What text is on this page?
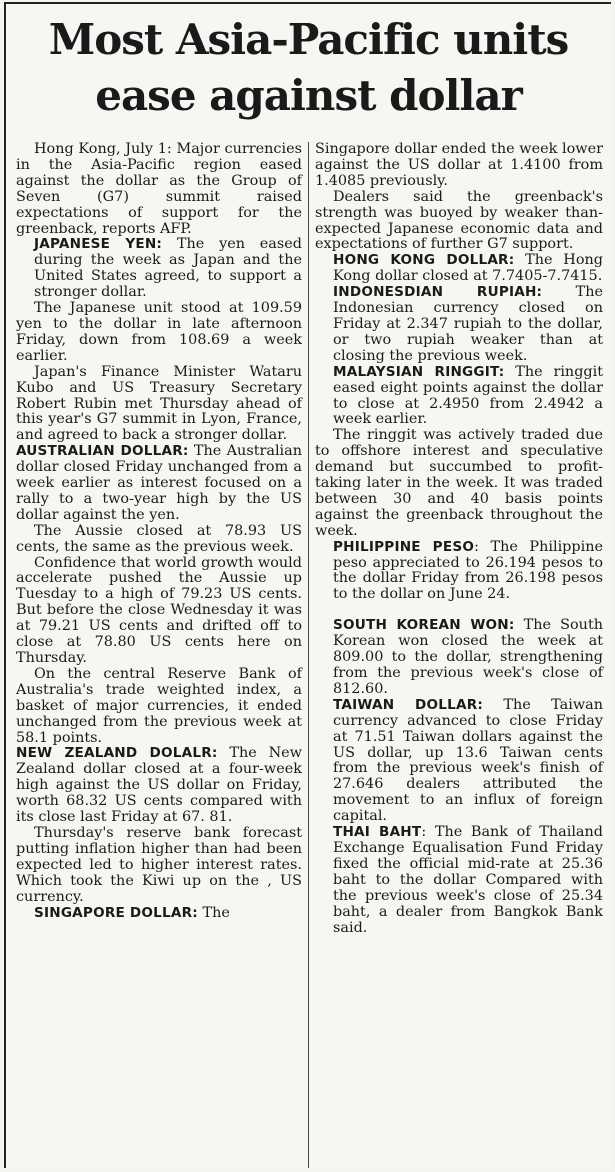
Most Asia-Pacific units ease against dollar

Hong Kong, July 1: Major currencies in the Asia-Pacific region eased against the dollar as the Group of Seven (G7) summit raised expectations of support for the greenback, reports AFP.

JAPANESE YEN: The yen eased during the week as Japan and the United States agreed, to support a stronger dollar.

The Japanese unit stood at 109.59 yen to the dollar in late afternoon Friday, down from 108.69 a week earlier.

Japan's Finance Minister Wataru Kubo and US Treasury Secretary Robert Rubin met Thursday ahead of this year's G7 summit in Lyon, France, and agreed to back a stronger dollar.

AUSTRALIAN DOLLAR: The Australian dollar closed Friday unchanged from a week earlier as interest focused on a rally to a two-year high by the US dollar against the yen.

The Aussie closed at 78.93 US cents, the same as the previous week.

Confidence that world growth would accelerate pushed the Aussie up Tuesday to a high of 79.23 US cents. But before the close Wednesday it was at 79.21 US cents and drifted off to close at 78.80 US cents here on Thursday.

On the central Reserve Bank of Australia's trade weighted index, a basket of major currencies, it ended unchanged from the previous week at 58.1 points.

NEW ZEALAND DOLALR: The New Zealand dollar closed at a four-week high against the US dollar on Friday, worth 68.32 US cents compared with its close last Friday at 67. 81.

Thursday's reserve bank forecast putting inflation higher than had been expected led to higher interest rates. Which took the Kiwi up on the , US currency.

SINGAPORE DOLLAR: The

Singapore dollar ended the week lower against the US dollar at 1.4100 from 1.4085 previously.

Dealers said the greenback's strength was buoyed by weaker than-expected Japanese economic data and expectations of further G7 support.

HONG KONG DOLLAR: The Hong Kong dollar closed at 7.7405-7.7415.

INDONESDIAN RUPIAH: The Indonesian currency closed on Friday at 2.347 rupiah to the dollar, or two rupiah weaker than at closing the previous week.

MALAYSIAN RINGGIT: The ringgit eased eight points against the dollar to close at 2.4950 from 2.4942 a week earlier.

The ringgit was actively traded due to offshore interest and speculative demand but succumbed to profit-taking later in the week. It was traded between 30 and 40 basis points against the greenback throughout the week.

PHILIPPINE PESO: The Philippine peso appreciated to 26.194 pesos to the dollar Friday from 26.198 pesos to the dollar on June 24.

SOUTH KOREAN WON: The South Korean won closed the week at 809.00 to the dollar, strengthening from the previous week's close of 812.60.

TAIWAN DOLLAR: The Taiwan currency advanced to close Friday at 71.51 Taiwan dollars against the US dollar, up 13.6 Taiwan cents from the previous week's finish of 27.646 dealers attributed the movement to an influx of foreign capital.

THAI BAHT: The Bank of Thailand Exchange Equalisation Fund Friday fixed the official mid-rate at 25.36 baht to the dollar Compared with the previous week's close of 25.34 baht, a dealer from Bangkok Bank said.
